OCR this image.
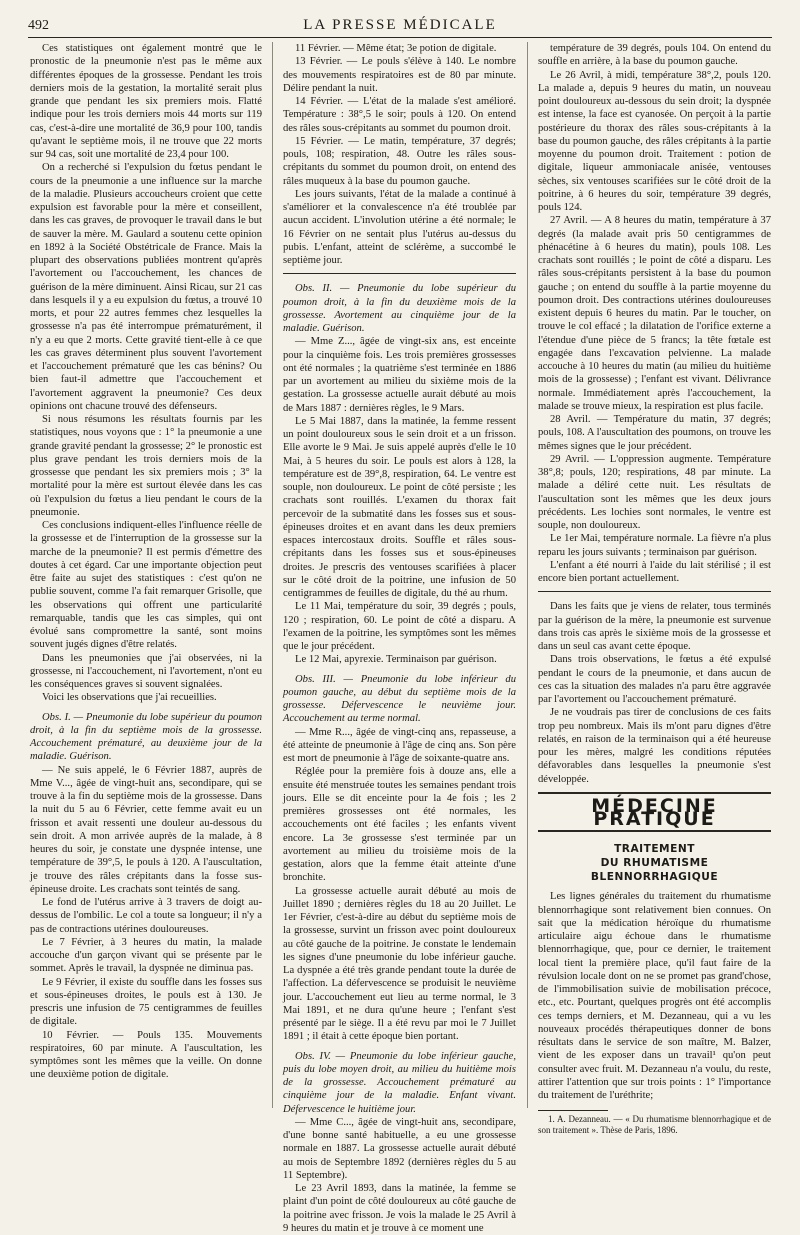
492	LA PRESSE MÉDICALE

Ces statistiques ont également montré que le pronostic de la pneumonie n'est pas le même aux différentes époques de la grossesse. Pendant les trois derniers mois de la gestation, la mortalité serait plus grande que pendant les six premiers mois. Flatté indique pour les trois derniers mois 44 morts sur 119 cas, c'est-à-dire une mortalité de 36,9 pour 100, tandis qu'avant le septième mois, il ne trouve que 22 morts sur 94 cas, soit une mortalité de 23,4 pour 100.

On a recherché si l'expulsion du fœtus pendant le cours de la pneumonie a une influence sur la marche de la maladie. Plusieurs accoucheurs croient que cette expulsion est favorable pour la mère et conseillent, dans les cas graves, de provoquer le travail dans le but de sauver la mère. M. Gaulard a soutenu cette opinion en 1892 à la Société Obstétricale de France. Mais la plupart des observations publiées montrent qu'après l'avortement ou l'accouchement, les chances de guérison de la mère diminuent. Ainsi Ricau, sur 21 cas dans lesquels il y a eu expulsion du fœtus, a trouvé 10 morts, et pour 22 autres femmes chez lesquelles la grossesse n'a pas été interrompue prématurément, il n'y a eu que 2 morts. Cette gravité tient-elle à ce que les cas graves déterminent plus souvent l'avortement et l'accouchement prématuré que les cas bénins? Ou bien faut-il admettre que l'accouchement et l'avortement aggravent la pneumonie? Ces deux opinions ont chacune trouvé des défenseurs.

Si nous résumons les résultats fournis par les statistiques, nous voyons que : 1° la pneumonie a une grande gravité pendant la grossesse; 2° le pronostic est plus grave pendant les trois derniers mois de la grossesse que pendant les six premiers mois ; 3° la mortalité pour la mère est surtout élevée dans les cas où l'expulsion du fœtus a lieu pendant le cours de la pneumonie.

Ces conclusions indiquent-elles l'influence réelle de la grossesse et de l'interruption de la grossesse sur la marche de la pneumonie? Il est permis d'émettre des doutes à cet égard. Car une importante objection peut être faite au sujet des statistiques : c'est qu'on ne publie souvent, comme l'a fait remarquer Grisolle, que les observations qui offrent une particularité remarquable, tandis que les cas simples, qui ont évolué sans compromettre la santé, sont moins souvent jugés dignes d'être relatés.

Dans les pneumonies que j'ai observées, ni la grossesse, ni l'accouchement, ni l'avortement, n'ont eu les conséquences graves si souvent signalées.

Voici les observations que j'ai recueillies.

Obs. I. — Pneumonie du lobe supérieur du poumon droit, à la fin du septième mois de la grossesse. Accouchement prématuré, au deuxième jour de la maladie. Guérison.

— Ne suis appelé, le 6 Février 1887, auprès de Mme V..., âgée de vingt-huit ans, secondipare, qui se trouve à la fin du septième mois de la grossesse. Dans la nuit du 5 au 6 Février, cette femme avait eu un frisson et avait ressenti une douleur au-dessous du sein droit. A mon arrivée auprès de la malade, à 8 heures du soir, je constate une dyspnée intense, une température de 39°,5, le pouls à 120. A l'auscultation, je trouve des râles crépitants dans la fosse sus-épineuse droite. Les crachats sont teintés de sang.

Le fond de l'utérus arrive à 3 travers de doigt au-dessus de l'ombilic. Le col a toute sa longueur; il n'y a pas de contractions utérines douloureuses.

Le 7 Février, à 3 heures du matin, la malade accouche d'un garçon vivant qui se présente par le sommet. Après le travail, la dyspnée ne diminua pas.

Le 9 Février, il existe du souffle dans les fosses sus et sous-épineuses droites, le pouls est à 130. Je prescris une infusion de 75 centigrammes de feuilles de digitale.

10 Février. — Pouls 135. Mouvements respiratoires, 60 par minute. A l'auscultation, les symptômes sont les mêmes que la veille. On donne une deuxième potion de digitale.

11 Février. — Même état; 3e potion de digitale.

13 Février. — Le pouls s'élève à 140. Le nombre des mouvements respiratoires est de 80 par minute. Délire pendant la nuit.

14 Février. — L'état de la malade s'est amélioré. Température : 38°,5 le soir; pouls à 120. On entend des râles sous-crépitants au sommet du poumon droit.

15 Février. — Le matin, température, 37 degrés; pouls, 108; respiration, 48. Outre les râles sous-crépitants du sommet du poumon droit, on entend des râles muqueux à la base du poumon gauche.

Les jours suivants, l'état de la malade a continué à s'améliorer et la convalescence n'a été troublée par aucun accident. L'involution utérine a été normale; le 16 Février on ne sentait plus l'utérus au-dessus du pubis. L'enfant, atteint de sclérème, a succombé le septième jour.

Obs. II. — Pneumonie du lobe supérieur du poumon droit, à la fin du deuxième mois de la grossesse. Avortement au cinquième jour de la maladie. Guérison.

— Mme Z..., âgée de vingt-six ans, est enceinte pour la cinquième fois. Les trois premières grossesses ont été normales ; la quatrième s'est terminée en 1886 par un avortement au milieu du sixième mois de la gestation. La grossesse actuelle aurait débuté au mois de Mars 1887 : dernières règles, le 9 Mars.

Le 5 Mai 1887, dans la matinée, la femme ressent un point douloureux sous le sein droit et a un frisson. Elle avorte le 9 Mai. Je suis appelé auprès d'elle le 10 Mai, à 5 heures du soir. Le pouls est alors à 128, la température est de 39°,8, respiration, 64. Le ventre est souple, non douloureux. Le point de côté persiste ; les crachats sont rouillés. L'examen du thorax fait percevoir de la submatité dans les fosses sus et sous-épineuses droites et en avant dans les deux premiers espaces intercostaux droits. Souffle et râles sous-crépitants dans les fosses sus et sous-épineuses droites. Je prescris des ventouses scarifiées à placer sur le côté droit de la poitrine, une infusion de 50 centigrammes de feuilles de digitale, du thé au rhum.

Le 11 Mai, température du soir, 39 degrés ; pouls, 120 ; respiration, 60. Le point de côté a disparu. A l'examen de la poitrine, les symptômes sont les mêmes que le jour précédent.

Le 12 Mai, apyrexie. Terminaison par guérison.

Obs. III. — Pneumonie du lobe inférieur du poumon gauche, au début du septième mois de la grossesse. Défervescence le neuvième jour. Accouchement au terme normal.

— Mme R..., âgée de vingt-cinq ans, repasseuse, a été atteinte de pneumonie à l'âge de cinq ans. Son père est mort de pneumonie à l'âge de soixante-quatre ans.

Réglée pour la première fois à douze ans, elle a ensuite été menstruée toutes les semaines pendant trois jours. Elle se dit enceinte pour la 4e fois ; les 2 premières grossesses ont été normales, les accouchements ont été faciles ; les enfants vivent encore. La 3e grossesse s'est terminée par un avortement au milieu du troisième mois de la gestation, alors que la femme était atteinte d'une bronchite.

La grossesse actuelle aurait débuté au mois de Juillet 1890 ; dernières règles du 18 au 20 Juillet. Le 1er Février, c'est-à-dire au début du septième mois de la grossesse, survint un frisson avec point douloureux au côté gauche de la poitrine. Je constate le lendemain les signes d'une pneumonie du lobe inférieur gauche. La dyspnée a été très grande pendant toute la durée de l'affection. La défervescence se produisit le neuvième jour. L'accouchement eut lieu au terme normal, le 3 Mai 1891, et ne dura qu'une heure ; l'enfant s'est présenté par le siège. Il a été revu par moi le 7 Juillet 1891 ; il était à cette époque bien portant.

Obs. IV. — Pneumonie du lobe inférieur gauche, puis du lobe moyen droit, au milieu du huitième mois de la grossesse. Accouchement prématuré au cinquième jour de la maladie. Enfant vivant. Défervescence le huitième jour.

— Mme C..., âgée de vingt-huit ans, secondipare, d'une bonne santé habituelle, a eu une grossesse normale en 1887. La grossesse actuelle aurait débuté au mois de Septembre 1892 (dernières règles du 5 au 11 Septembre).

Le 23 Avril 1893, dans la matinée, la femme se plaint d'un point de côté douloureux au côté gauche de la poitrine avec frisson. Je vois la malade le 25 Avril à 9 heures du matin et je trouve à ce moment une

température de 39 degrés, pouls 104. On entend du souffle en arrière, à la base du poumon gauche.

Le 26 Avril, à midi, température 38°,2, pouls 120. La malade a, depuis 9 heures du matin, un nouveau point douloureux au-dessous du sein droit; la dyspnée est intense, la face est cyanosée. On perçoit à la partie postérieure du thorax des râles sous-crépitants à la base du poumon gauche, des râles crépitants à la partie moyenne du poumon droit. Traitement : potion de digitale, liqueur ammoniacale anisée, ventouses sèches, six ventouses scarifiées sur le côté droit de la poitrine, à 6 heures du soir, température 39 degrés, pouls 124.

27 Avril. — A 8 heures du matin, température à 37 degrés (la malade avait pris 50 centigrammes de phénacétine à 6 heures du matin), pouls 108. Les crachats sont rouillés ; le point de côté a disparu. Les râles sous-crépitants persistent à la base du poumon gauche ; on entend du souffle à la partie moyenne du poumon droit. Des contractions utérines douloureuses existent depuis 6 heures du matin. Par le toucher, on trouve le col effacé ; la dilatation de l'orifice externe a l'étendue d'une pièce de 5 francs; la tête fœtale est engagée dans l'excavation pelvienne. La malade accouche à 10 heures du matin (au milieu du huitième mois de la grossesse) ; l'enfant est vivant. Délivrance normale. Immédiatement après l'accouchement, la malade se trouve mieux, la respiration est plus facile.

28 Avril. — Température du matin, 37 degrés; pouls, 108. A l'auscultation des poumons, on trouve les mêmes signes que le jour précédent.

29 Avril. — L'oppression augmente. Température 38°,8; pouls, 120; respirations, 48 par minute. La malade a déliré cette nuit. Les résultats de l'auscultation sont les mêmes que les deux jours précédents. Les lochies sont normales, le ventre est souple, non douloureux.

Le 1er Mai, température normale. La fièvre n'a plus reparu les jours suivants ; terminaison par guérison.

L'enfant a été nourri à l'aide du lait stérilisé ; il est encore bien portant actuellement.

Dans les faits que je viens de relater, tous terminés par la guérison de la mère, la pneumonie est survenue dans trois cas après le sixième mois de la grossesse et dans un seul cas avant cette époque.

Dans trois observations, le fœtus a été expulsé pendant le cours de la pneumonie, et dans aucun de ces cas la situation des malades n'a paru être aggravée par l'avortement ou l'accouchement prématuré.

Je ne voudrais pas tirer de conclusions de ces faits trop peu nombreux. Mais ils m'ont paru dignes d'être relatés, en raison de la terminaison qui a été heureuse pour les mères, malgré les conditions réputées défavorables dans lesquelles la pneumonie s'est développée.

MÉDECINE PRATIQUE
TRAITEMENT
DU RHUMATISME BLENNORRHAGIQUE

Les lignes générales du traitement du rhumatisme blennorrhagique sont relativement bien connues. On sait que la médication héroïque du rhumatisme articulaire aigu échoue dans le rhumatisme blennorrhagique, que, pour ce dernier, le traitement local tient la première place, qu'il faut faire de la révulsion locale dont on ne se promet pas grand'chose, de l'immobilisation suivie de mobilisation précoce, etc., etc. Pourtant, quelques progrès ont été accomplis ces temps derniers, et M. Dezanneau, qui a vu les nouveaux procédés thérapeutiques donner de bons résultats dans le service de son maître, M. Balzer, vient de les exposer dans un travail¹ qu'on peut consulter avec fruit. M. Dezanneau n'a voulu, du reste, attirer l'attention que sur trois points : 1° l'importance du traitement de l'uréthrite;

1. A. Dezanneau. — « Du rhumatisme blennorrhagique et de son traitement ». Thèse de Paris, 1896.
